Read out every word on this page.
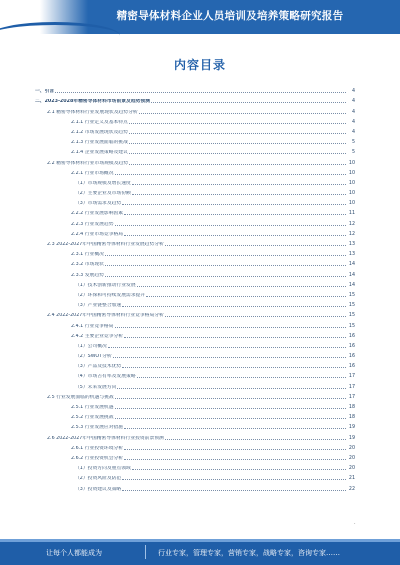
精密导体材料企业人员培训及培养策略研究报告
内容目录
一、引言	4
二、2023-2028年精密导体材料市场前景及趋势预测	4
2.1 精密导体材料行业发展现状及趋势分析	4
2.1.1 行业定义及基本特点	4
2.1.2 市场发展现状及趋势	4
2.1.3 行业发展面临的挑战	5
2.1.4 企业发展策略及建议	5
2.2 精密导体材料行业市场规模及趋势	10
2.2.1 行业市场概况	10
（1）市场规模及增长速度	10
（2）主要企业及市场份额	10
（3）市场需求及趋势	10
2.2.2 行业发展影响因素	11
2.2.3 行业发展趋势	12
2.2.4 行业市场竞争格局	12
2.3 2022-2027年中国精密导体材料行业发展趋势分析	13
2.3.1 行业概况	13
2.3.2 市场现状	14
2.3.3 发展趋势	14
（1）技术创新推动行业发展	14
（2）环保和可持续发展需求提升	15
（3）产业链整合加速	15
2.4 2022-2027年中国精密导体材料行业竞争格局分析	15
2.4.1 行业竞争格局	15
2.4.2 主要企业竞争分析	16
（1）公司概况	16
（2）SWOT分析	16
（3）产品及技术优势	16
（4）市场占有率及发展策略	17
（5）未来发展方向	17
2.5 行业发展面临的机遇与挑战	17
2.5.1 行业发展机遇	18
2.5.2 行业发展挑战	18
2.5.3 行业发展应对措施	19
2.6 2022-2027年中国精密导体材料行业投资前景预测	19
2.6.1 行业投资环境分析	20
2.6.2 行业投资机会分析	20
（1）投资方向及重点领域	20
（2）投资风险及防范	21
（3）投资建议及策略	22
·
让每个人都能成为	行业专家，管理专家，营销专家，战略专家，咨询专家……
